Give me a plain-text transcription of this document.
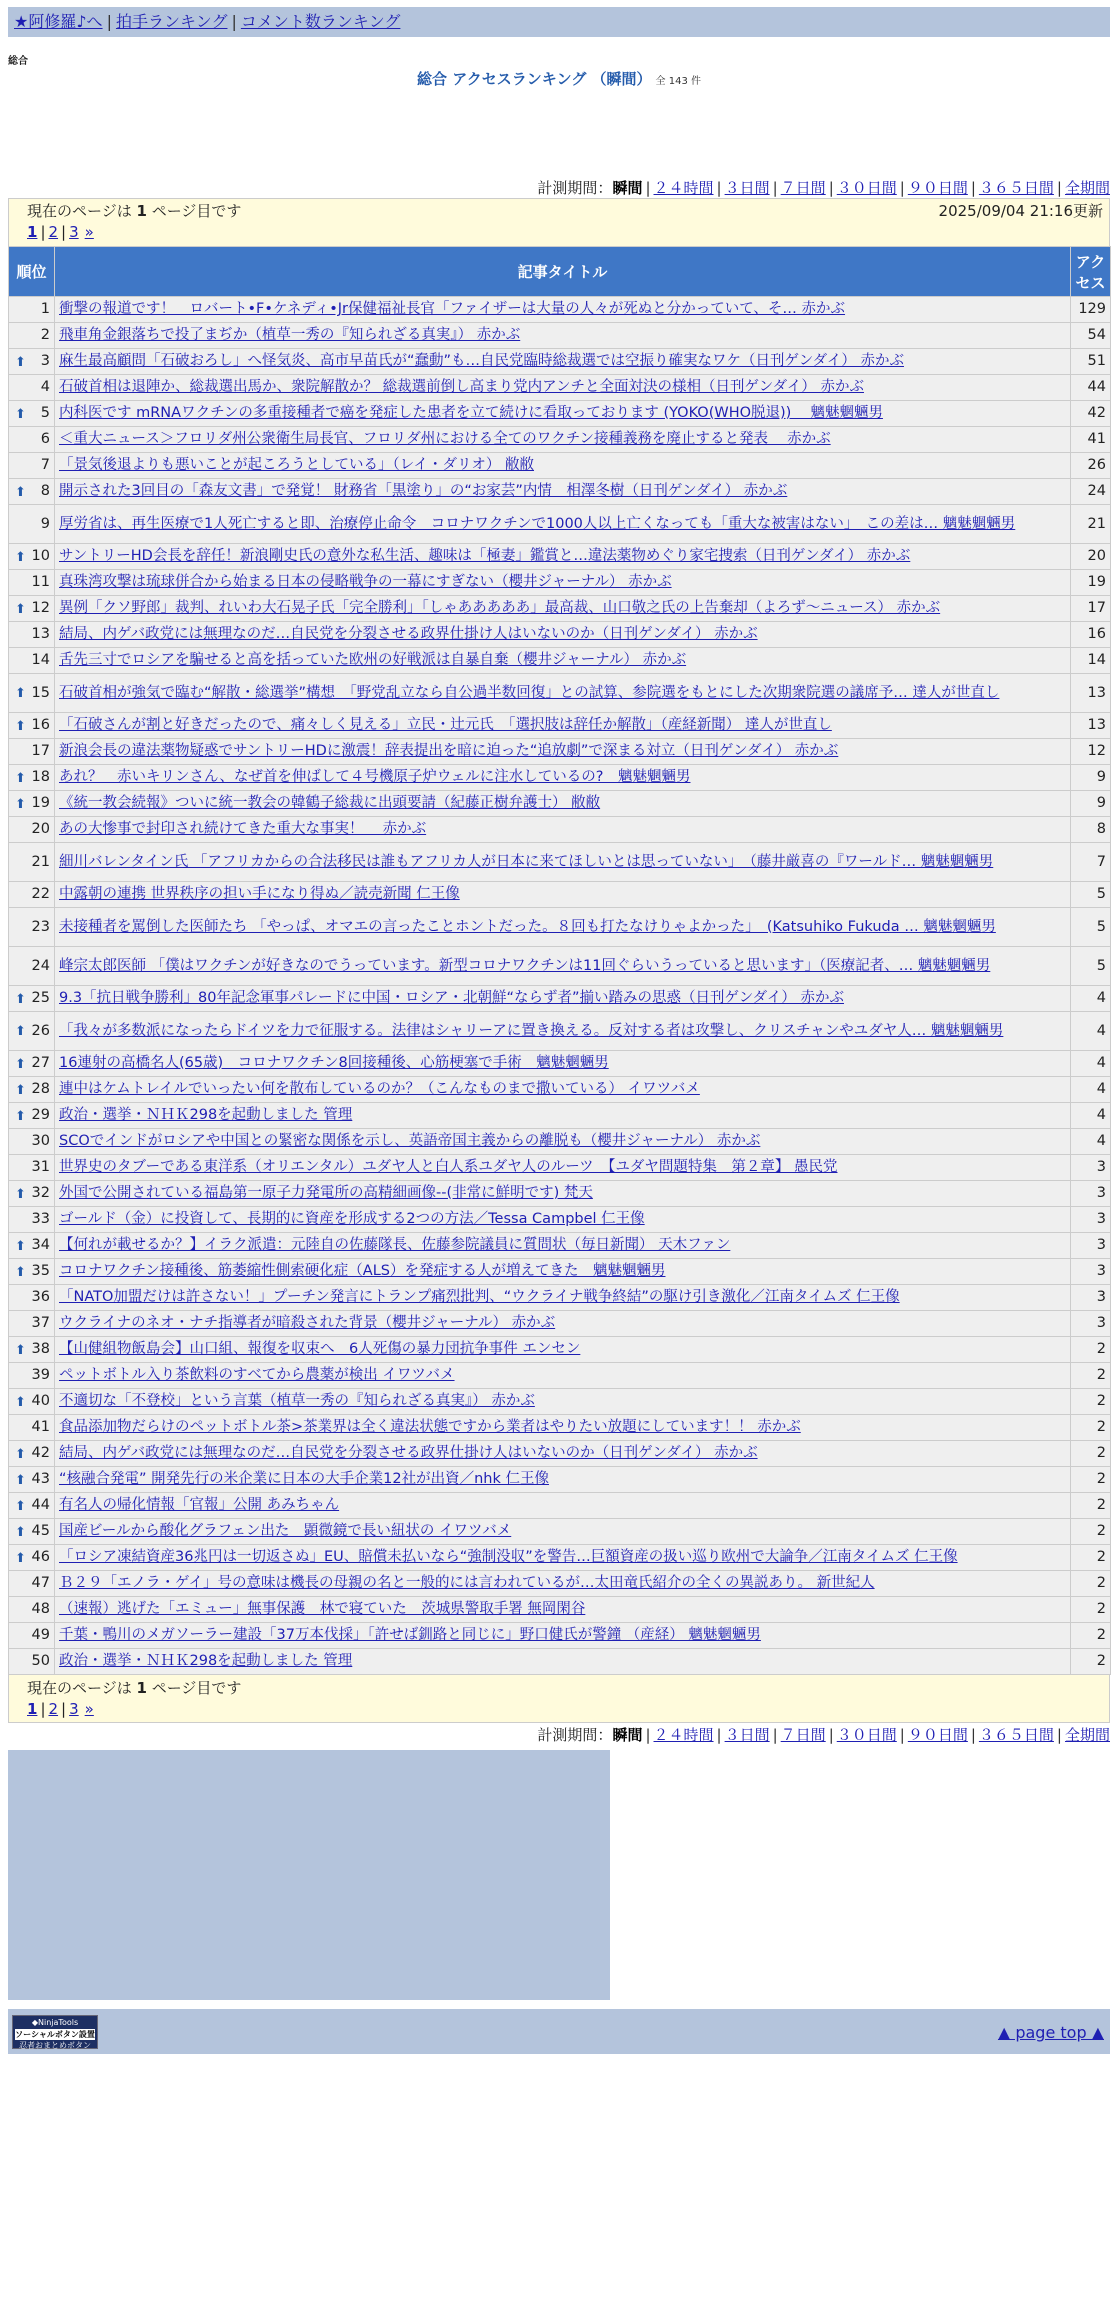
★阿修羅♪へ | 拍手ランキング | コメント数ランキング
総合
総合 アクセスランキング （瞬間） 全 143 件
計測期間：瞬間 | ２４時間 | ３日間 | ７日間 | ３０日間 | ９０日間 | ３６５日間 | 全期間
現在のページは 1 ページ目です	2025/09/04 21:16更新
1 | 2 | 3 »
順位	記事タイトル	アクセス
1	衝撃の報道です！　ロバート•F•ケネディ•Jr保健福祉長官「ファイザーは大量の人々が死ぬと分かっていて、そ… 赤かぶ	129
2	飛車角金銀落ちで投了まぢか（植草一秀の『知られざる真実』） 赤かぶ	54

⬆ 3	麻生最高顧問「石破おろし」へ怪気炎、高市早苗氏が“蠢動”も…自民党臨時総裁選では空振り確実なワケ（日刊ゲンダイ） 赤かぶ	51
4	石破首相は退陣か、総裁選出馬か、衆院解散か？ 総裁選前倒し高まり党内アンチと全面対決の様相（日刊ゲンダイ） 赤かぶ	44

⬆ 5	内科医です mRNAワクチンの多重接種者で癌を発症した患者を立て続けに看取っております (YOKO(WHO脱退)) 　魑魅魍魎男	42
6	＜重大ニュース＞フロリダ州公衆衛生局長官、フロリダ州における全てのワクチン接種義務を廃止すると発表　 赤かぶ	41
7	「景気後退よりも悪いことが起ころうとしている」（レイ・ダリオ） 敝敝	26

⬆ 8	開示された3回目の「森友文書」で発覚！ 財務省「黒塗り」の“お家芸”内情　相澤冬樹（日刊ゲンダイ） 赤かぶ	24
9	厚労省は、再生医療で1人死亡すると即、治療停止命令　コロナワクチンで1000人以上亡くなっても「重大な被害はない」　この差は… 魑魅魍魎男	21

⬆ 10	サントリーHD会長を辞任！新浪剛史氏の意外な私生活、趣味は「極妻」鑑賞と…違法薬物めぐり家宅捜索（日刊ゲンダイ） 赤かぶ	20
11	真珠湾攻撃は琉球併合から始まる日本の侵略戦争の一幕にすぎない（櫻井ジャーナル） 赤かぶ	19

⬆ 12	異例「クソ野郎」裁判、れいわ大石晃子氏「完全勝利」「しゃあああああ」最高裁、山口敬之氏の上告棄却（よろず〜ニュース） 赤かぶ	17
13	結局、内ゲバ政党には無理なのだ…自民党を分裂させる政界仕掛け人はいないのか（日刊ゲンダイ） 赤かぶ	16
14	舌先三寸でロシアを騙せると高を括っていた欧州の好戦派は自暴自棄（櫻井ジャーナル） 赤かぶ	14

⬆ 15	石破首相が強気で臨む“解散・総選挙”構想　「野党乱立なら自公過半数回復」との試算、参院選をもとにした次期衆院選の議席予… 達人が世直し	13

⬆ 16	「石破さんが割と好きだったので、痛々しく見える」立民・辻元氏　「選択肢は辞任か解散」（産経新聞） 達人が世直し	13
17	新浪会長の違法薬物疑惑でサントリーHDに激震！辞表提出を暗に迫った“追放劇”で深まる対立（日刊ゲンダイ） 赤かぶ	12

⬆ 18	あれ？　赤いキリンさん、なぜ首を伸ばして４号機原子炉ウェルに注水しているの?　魑魅魍魎男	9

⬆ 19	《統一教会続報》ついに統一教会の韓鶴子総裁に出頭要請（紀藤正樹弁護士） 敝敝	9
20	あの大惨事で封印され続けてきた重大な事実！　 赤かぶ	8
21	細川バレンタイン氏 「アフリカからの合法移民は誰もアフリカ人が日本に来てほしいとは思っていない」　（藤井厳喜の『ワールド… 魑魅魍魎男	7
22	中露朝の連携 世界秩序の担い手になり得ぬ／読売新聞 仁王像	5
23	未接種者を罵倒した医師たち 「やっぱ、オマエの言ったことホントだった。８回も打たなけりゃよかった」　(Katsuhiko Fukuda … 魑魅魍魎男	5
24	峰宗太郎医師 「僕はワクチンが好きなのでうっています。新型コロナワクチンは11回ぐらいうっていると思います」（医療記者、… 魑魅魍魎男	5

⬆ 25	9.3「抗日戦争勝利」80年記念軍事パレードに中国・ロシア・北朝鮮“ならず者”揃い踏みの思惑（日刊ゲンダイ） 赤かぶ	4

⬆ 26	「我々が多数派になったらドイツを力で征服する。法律はシャリーアに置き換える。反対する者は攻撃し、クリスチャンやユダヤ人… 魑魅魍魎男	4

⬆ 27	16連射の高橋名人(65歳)　コロナワクチン8回接種後、心筋梗塞で手術　魑魅魍魎男	4

⬆ 28	連中はケムトレイルでいったい何を散布しているのか？（こんなものまで撒いている） イワツバメ	4

⬆ 29	政治・選挙・ＮＨＫ298を起動しました 管理	4
30	SCOでインドがロシアや中国との緊密な関係を示し、英語帝国主義からの離脱も（櫻井ジャーナル） 赤かぶ	4
31	世界史のタブーである東洋系（オリエンタル）ユダヤ人と白人系ユダヤ人のルーツ　【ユダヤ問題特集　第２章】 愚民党	3

⬆ 32	外国で公開されている福島第一原子力発電所の高精細画像--(非常に鮮明です) 梵天	3
33	ゴールド（金）に投資して、長期的に資産を形成する2つの方法／Tessa Campbel 仁王像	3

⬆ 34	【何れが載せるか？】イラク派遣：元陸自の佐藤隊長、佐藤参院議員に質問状（毎日新聞） 天木ファン	3

⬆ 35	コロナワクチン接種後、筋萎縮性側索硬化症（ALS）を発症する人が増えてきた　魑魅魍魎男	3
36	「NATO加盟だけは許さない！」プーチン発言にトランプ痛烈批判、“ウクライナ戦争終結”の駆け引き激化／江南タイムズ 仁王像	3
37	ウクライナのネオ・ナチ指導者が暗殺された背景（櫻井ジャーナル） 赤かぶ	3

⬆ 38	【山健組物飯島会】山口組、報復を収束へ　6人死傷の暴力団抗争事件 エンセン	2
39	ペットボトル入り茶飲料のすべてから農薬が検出 イワツバメ	2

⬆ 40	不適切な「不登校」という言葉（植草一秀の『知られざる真実』） 赤かぶ	2
41	食品添加物だらけのペットボトル茶>茶業界は全く違法状態ですから業者はやりたい放題にしています！！ 赤かぶ	2

⬆ 42	結局、内ゲバ政党には無理なのだ…自民党を分裂させる政界仕掛け人はいないのか（日刊ゲンダイ） 赤かぶ	2

⬆ 43	“核融合発電” 開発先行の米企業に日本の大手企業12社が出資／nhk 仁王像	2

⬆ 44	有名人の帰化情報「官報」公開 あみちゃん	2

⬆ 45	国産ビールから酸化グラフェン出た　顕微鏡で長い紐状の イワツバメ	2

⬆ 46	「ロシア凍結資産36兆円は一切返さぬ」EU、賠償未払いなら“強制没収”を警告…巨額資産の扱い巡り欧州で大論争／江南タイムズ 仁王像	2
47	Ｂ２９「エノラ・ゲイ」号の意味は機長の母親の名と一般的には言われているが…太田竜氏紹介の全くの異説あり。 新世紀人	2
48	（速報）逃げた「エミュー」無事保護　林で寝ていた　茨城県警取手署 無岡閑谷	2
49	千葉・鴨川のメガソーラー建設「37万本伐採」「許せば釧路と同じに」野口健氏が警鐘 （産経） 魑魅魍魎男	2
50	政治・選挙・ＮＨＫ298を起動しました 管理	2
現在のページは 1 ページ目です
1 | 2 | 3 »
計測期間：瞬間 | ２４時間 | ３日間 | ７日間 | ３０日間 | ９０日間 | ３６５日間 | 全期間
◆NinjaTools
ソーシャルボタン設置
忍者おまとめボタン
▲ page top ▲
